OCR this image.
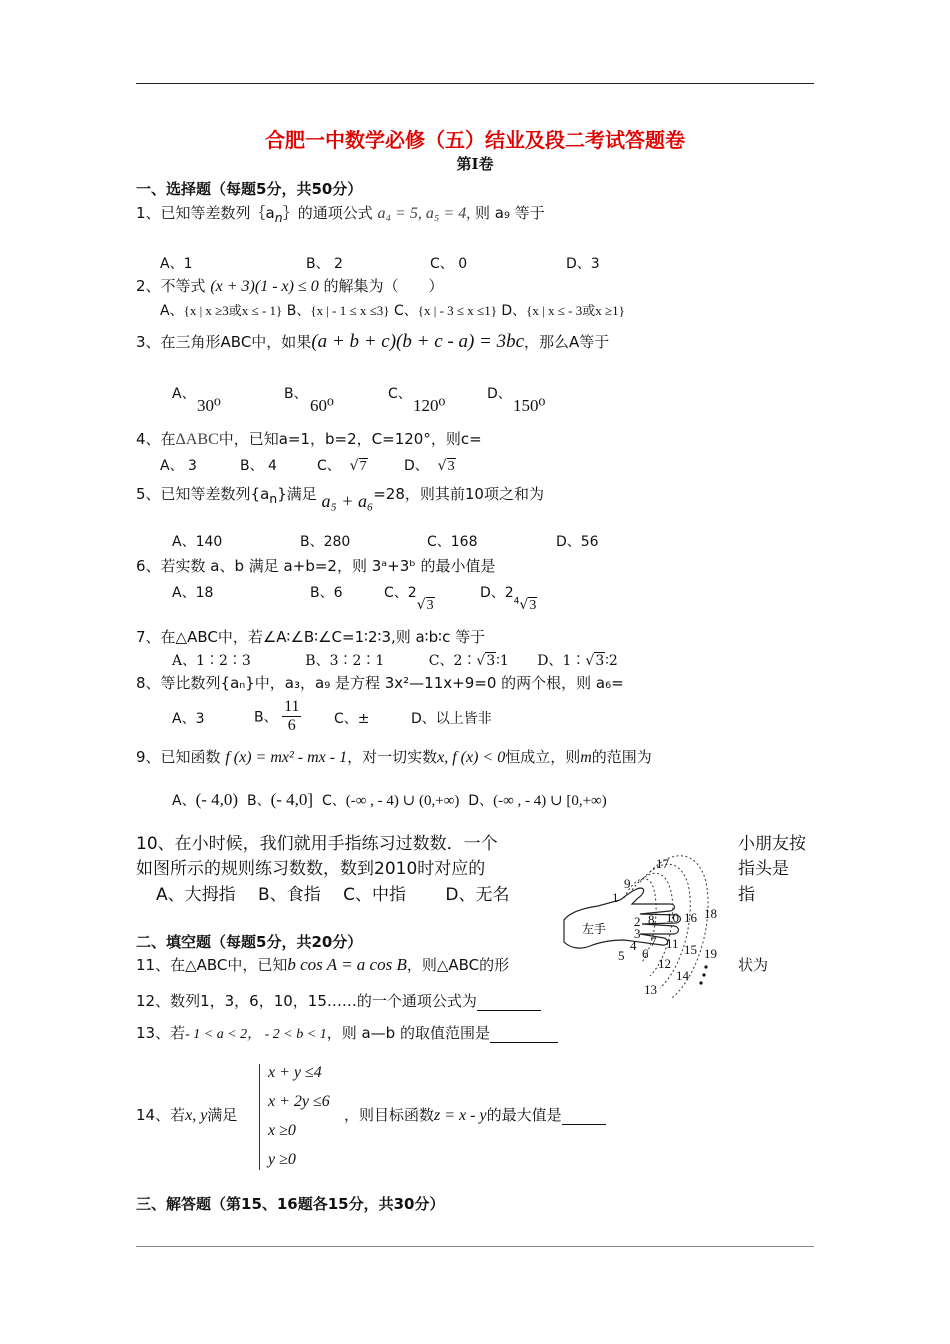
合肥一中数学必修（五）结业及段二考试答题卷
第Ⅰ卷
一、选择题（每题5分，共50分）
1、已知等差数列$\{a_n\}$的通项公式 a₄ = 5, a₅ = 4, 则 a₉ 等于
A、1	B、 2	C、 0	D、3
2、不等式 (x + 3)(1 - x) ≤ 0 的解集为（　　）
A、{x | x ≥3或x ≤ - 1} B、{x | - 1 ≤ x ≤3} C、{x | - 3 ≤ x ≤1} D、{x | x ≤ - 3或x ≥1}
3、在三角形ABC中，如果(a + b + c)(b + c - a) = 3bc，那么A等于
A、
30⁰
B、
60⁰
C、
120⁰
D、
150⁰
4、在ΔABC中，已知a=1，b=2，C=120°，则c=
A、 3	B、 4	C、  √7	D、  √3
5、已知等差数列$\{a_n\}$满足 a₅ + a₆=28，则其前10项之和为
A、140	B、280	C、168	D、56
6、若实数 a、b 满足 a+b=2，则 3ᵃ+3ᵇ 的最小值是
A、18	B、6	C、2√3
D、$2^4√3$
7、在△ABC中，若∠A∶∠B∶∠C=1∶2∶3,则 a∶b∶c 等于
A、1∶2∶3	B、3∶2∶1	C、2∶√3∶1 D、1∶√3∶2
8、等比数列{aₙ}中，a₃，a₉ 是方程 3x²—11x+9=0 的两个根，则 a₆=
A、3	B、 $\frac{11}{6}$ C、±	D、以上皆非
9、已知函数 f (x) = mx² - mx - 1，对一切实数x, f (x) < 0恒成立，则m的范围为
A、(- 4,0) B、(- 4,0] C、(-∞ , - 4) ∪ (0,+∞) D、(-∞ , - 4) ∪ [0,+∞)
10、在小时候，我们就用手指练习过数数．一个	小朋友按
如图所示的规则练习数数，数到2010时对应的	指头是
A、大拇指　 B、食指　 C、中指　　 D、无名	指
左手
1
2
3
4
5 6
7
8
9
10
11
12
13
14
15
16
17
18
19
二、填空题（每题5分，共20分）
11、在△ABC中，已知b cos A = a cos B，则△ABC的形	状为
12、数列1，3，6，10，15……的一个通项公式为
13、若- 1 < a < 2， - 2 < b < 1，则 a—b 的取值范围是
14、若x, y满足
x + y ≤4
x + 2y ≤6
x ≥0
y ≥0
，则目标函数z = x - y的最大值是
三、解答题（第15、16题各15分，共30分）
